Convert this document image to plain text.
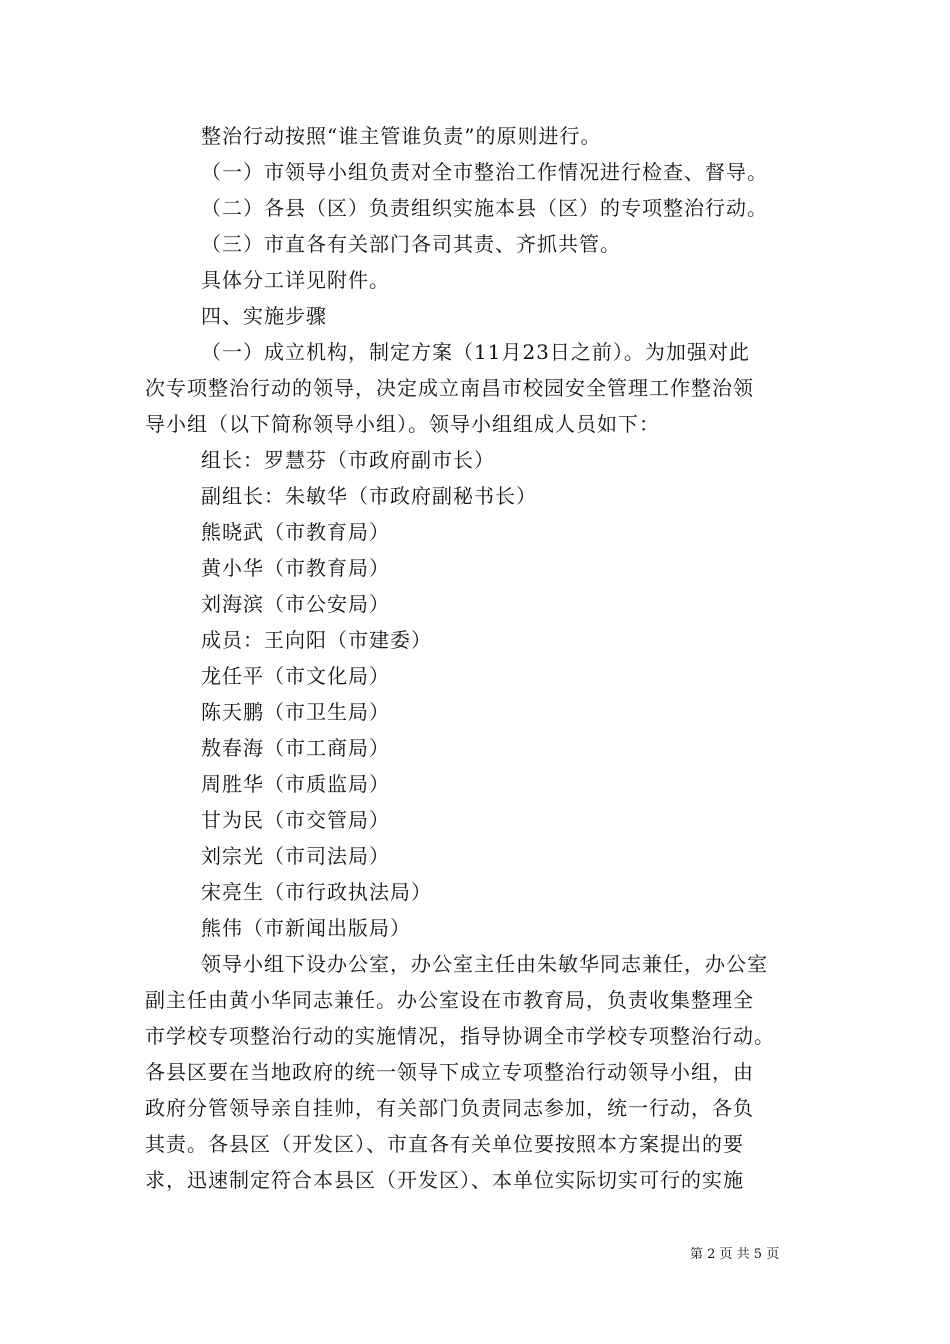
整治行动按照“谁主管谁负责”的原则进行。
（一）市领导小组负责对全市整治工作情况进行检查、督导。
（二）各县（区）负责组织实施本县（区）的专项整治行动。
（三）市直各有关部门各司其责、齐抓共管。
具体分工详见附件。
四、实施步骤
（一）成立机构，制定方案（11月23日之前）。为加强对此
次专项整治行动的领导，决定成立南昌市校园安全管理工作整治领
导小组（以下简称领导小组）。领导小组组成人员如下：
组长：罗慧芬（市政府副市长）
副组长：朱敏华（市政府副秘书长）
熊晓武（市教育局）
黄小华（市教育局）
刘海滨（市公安局）
成员：王向阳（市建委）
龙任平（市文化局）
陈天鹏（市卫生局）
敖春海（市工商局）
周胜华（市质监局）
甘为民（市交管局）
刘宗光（市司法局）
宋亮生（市行政执法局）
熊伟（市新闻出版局）
领导小组下设办公室，办公室主任由朱敏华同志兼任，办公室
副主任由黄小华同志兼任。办公室设在市教育局，负责收集整理全
市学校专项整治行动的实施情况，指导协调全市学校专项整治行动。
各县区要在当地政府的统一领导下成立专项整治行动领导小组，由
政府分管领导亲自挂帅，有关部门负责同志参加，统一行动，各负
其责。各县区（开发区）、市直各有关单位要按照本方案提出的要
求，迅速制定符合本县区（开发区）、本单位实际切实可行的实施
第 2 页 共 5 页
